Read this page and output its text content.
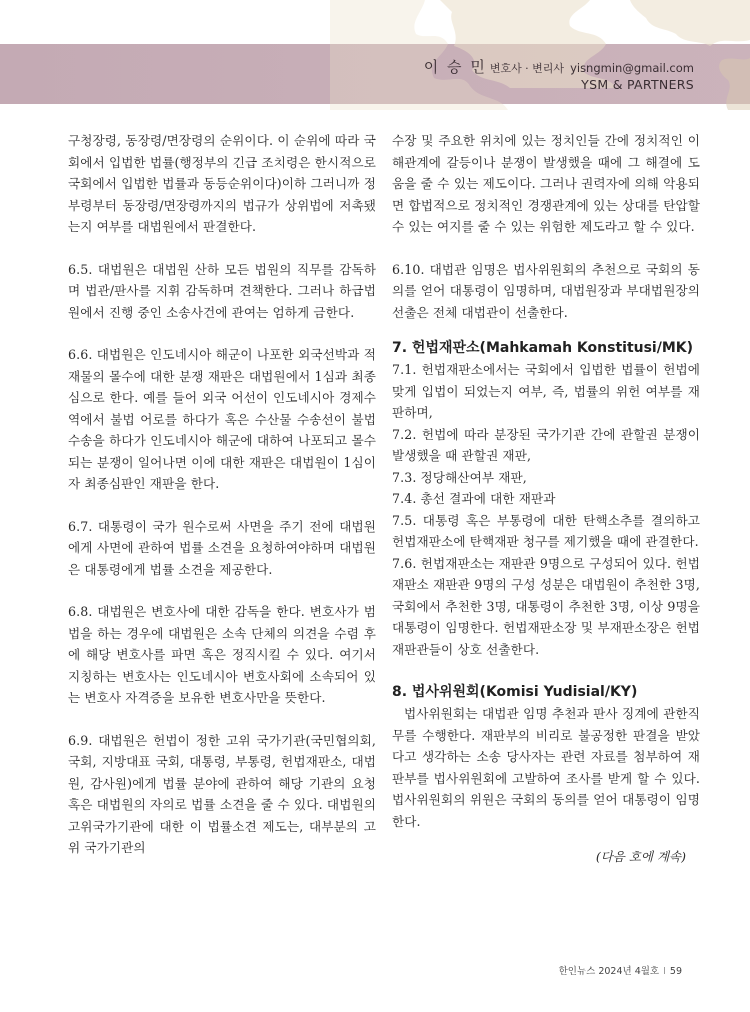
이 승 민 변호사 · 변리사 yisngmin@gmail.com
YSM & PARTNERS

구청장령, 동장령/면장령의 순위이다. 이 순위에 따라 국회에서 입법한 법률(행정부의 긴급 조치령은 한시적으로 국회에서 입법한 법률과 동등순위이다)이하 그러니까 정부령부터 동장령/면장령까지의 법규가 상위법에 저촉됐는지 여부를 대법원에서 판결한다.

6.5. 대법원은 대법원 산하 모든 법원의 직무를 감독하며 법관/판사를 지휘 감독하며 견책한다. 그러나 하급법원에서 진행 중인 소송사건에 관여는 엄하게 금한다.

6.6. 대법원은 인도네시아 해군이 나포한 외국선박과 적재물의 몰수에 대한 분쟁 재판은 대법원에서 1심과 최종심으로 한다. 예를 들어 외국 어선이 인도네시아 경제수역에서 불법 어로를 하다가 혹은 수산물 수송선이 불법 수송을 하다가 인도네시아 해군에 대하여 나포되고 몰수되는 분쟁이 일어나면 이에 대한 재판은 대법원이 1심이자 최종심판인 재판을 한다.

6.7. 대통령이 국가 원수로써 사면을 주기 전에 대법원에게 사면에 관하여 법률 소견을 요청하여야하며 대법원은 대통령에게 법률 소견을 제공한다.

6.8. 대법원은 변호사에 대한 감독을 한다. 변호사가 범법을 하는 경우에 대법원은 소속 단체의 의견을 수렴 후에 해당 변호사를 파면 혹은 정직시킬 수 있다. 여기서 지칭하는 변호사는 인도네시아 변호사회에 소속되어 있는 변호사 자격증을 보유한 변호사만을 뜻한다.

6.9. 대법원은 헌법이 정한 고위 국가기관(국민협의회, 국회, 지방대표 국회, 대통령, 부통령, 헌법재판소, 대법원, 감사원)에게 법률 분야에 관하여 해당 기관의 요청 혹은 대법원의 자의로 법률 소견을 줄 수 있다. 대법원의 고위국가기관에 대한 이 법률소견 제도는, 대부분의 고위 국가기관의

수장 및 주요한 위치에 있는 정치인들 간에 정치적인 이해관계에 갈등이나 분쟁이 발생했을 때에 그 해결에 도움을 줄 수 있는 제도이다. 그러나 권력자에 의해 악용되면 합법적으로 정치적인 경쟁관계에 있는 상대를 탄압할 수 있는 여지를 줄 수 있는 위험한 제도라고 할 수 있다.

6.10. 대법관 임명은 법사위원회의 추천으로 국회의 동의를 얻어 대통령이 임명하며, 대법원장과 부대법원장의 선출은 전체 대법관이 선출한다.

7. 헌법재판소(Mahkamah Konstitusi/MK)

7.1. 헌법재판소에서는 국회에서 입법한 법률이 헌법에 맞게 입법이 되었는지 여부, 즉, 법률의 위헌 여부를 재판하며,

7.2. 헌법에 따라 분장된 국가기관 간에 관할권 분쟁이 발생했을 때 관할권 재판,

7.3. 정당해산여부 재판,

7.4. 총선 결과에 대한 재판과

7.5. 대통령 혹은 부통령에 대한 탄핵소추를 결의하고 헌법재판소에 탄핵재판 청구를 제기했을 때에 관결한다.

7.6. 헌법재판소는 재판관 9명으로 구성되어 있다. 헌법재판소 재판관 9명의 구성 성분은 대법원이 추천한 3명, 국회에서 추천한 3명, 대통령이 추천한 3명, 이상 9명을 대통령이 임명한다. 헌법재판소장 및 부재판소장은 헌법 재판관들이 상호 선출한다.

8. 법사위원회(Komisi Yudisial/KY)

법사위원회는 대법관 임명 추천과 판사 징계에 관한직무를 수행한다. 재판부의 비리로 불공정한 판결을 받았다고 생각하는 소송 당사자는 관련 자료를 첨부하여 재판부를 법사위원회에 고발하여 조사를 받게 할 수 있다. 법사위원회의 위원은 국회의 동의를 얻어 대통령이 임명 한다.

(다음 호에 계속)
한인뉴스 2024년 4월호 I 59
